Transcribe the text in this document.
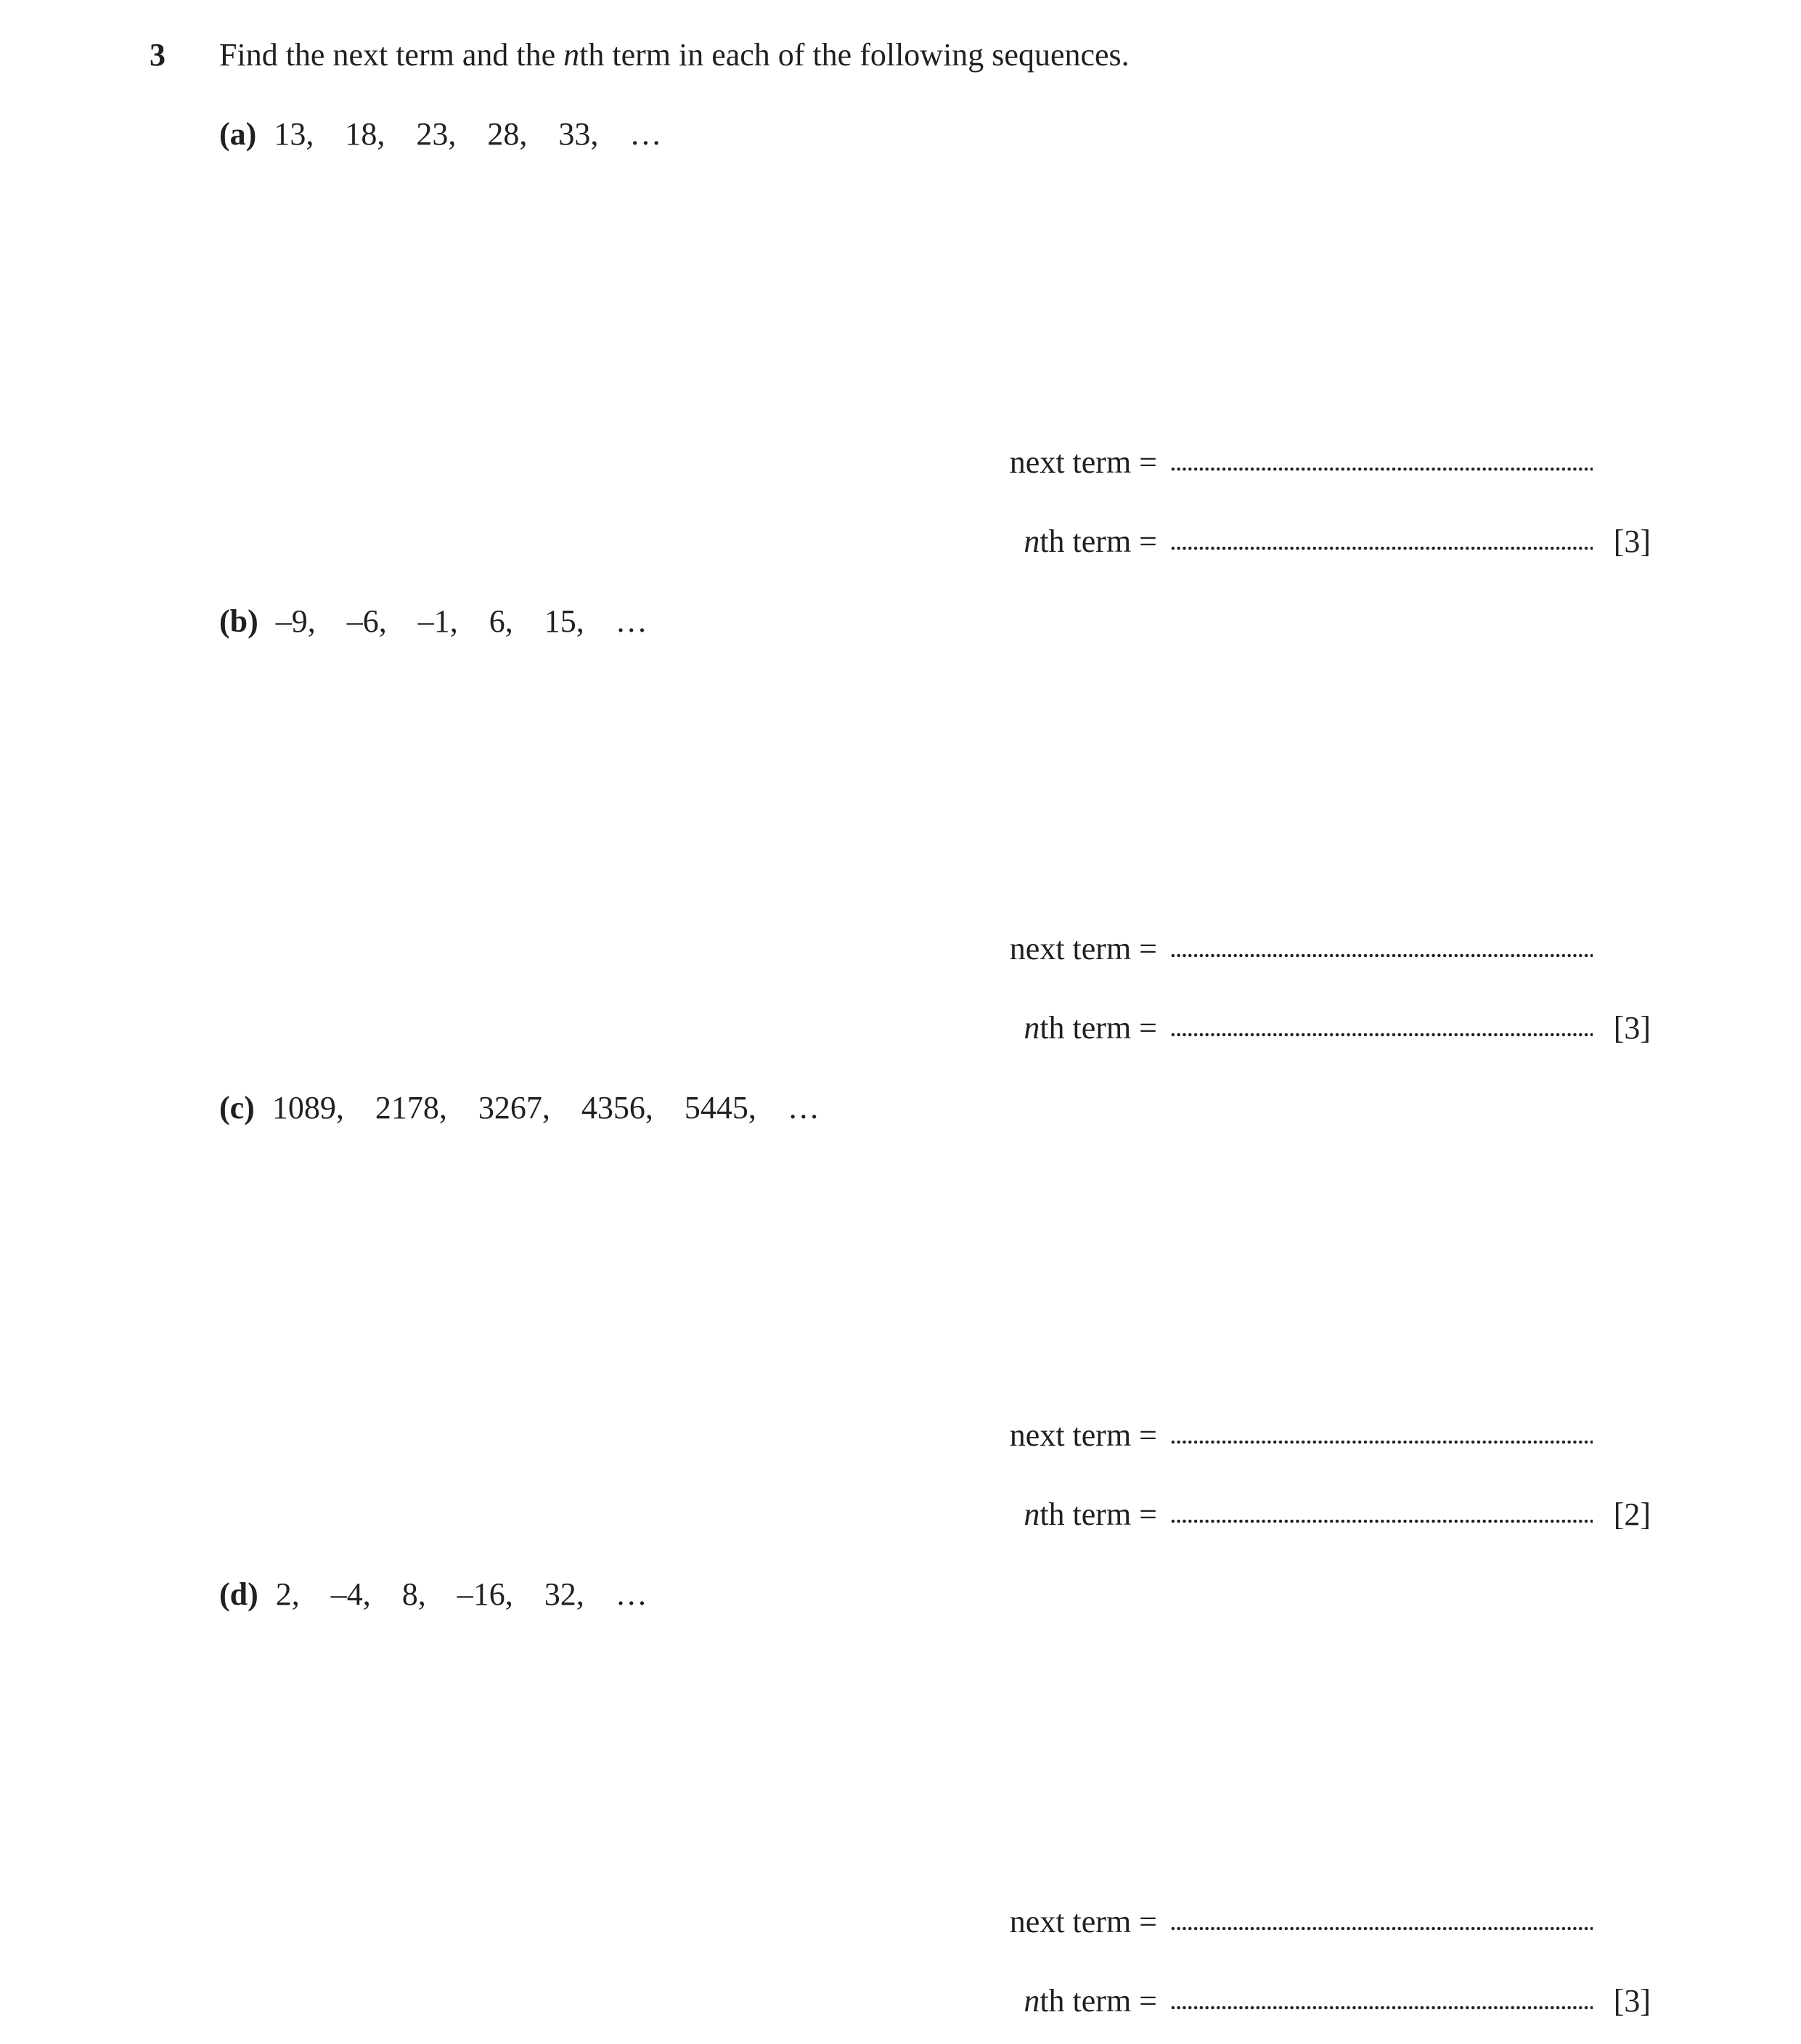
3 Find the next term and the nth term in each of the following sequences.
(a) 13, 18, 23, 28, 33, …
next term =
nth term =	[3]
(b) –9, –6, –1, 6, 15, …
next term =
nth term =	[3]
(c) 1089, 2178, 3267, 4356, 5445, …
next term =
nth term =	[2]
(d) 2, –4, 8, –16, 32, …
next term =
nth term =	[3]
